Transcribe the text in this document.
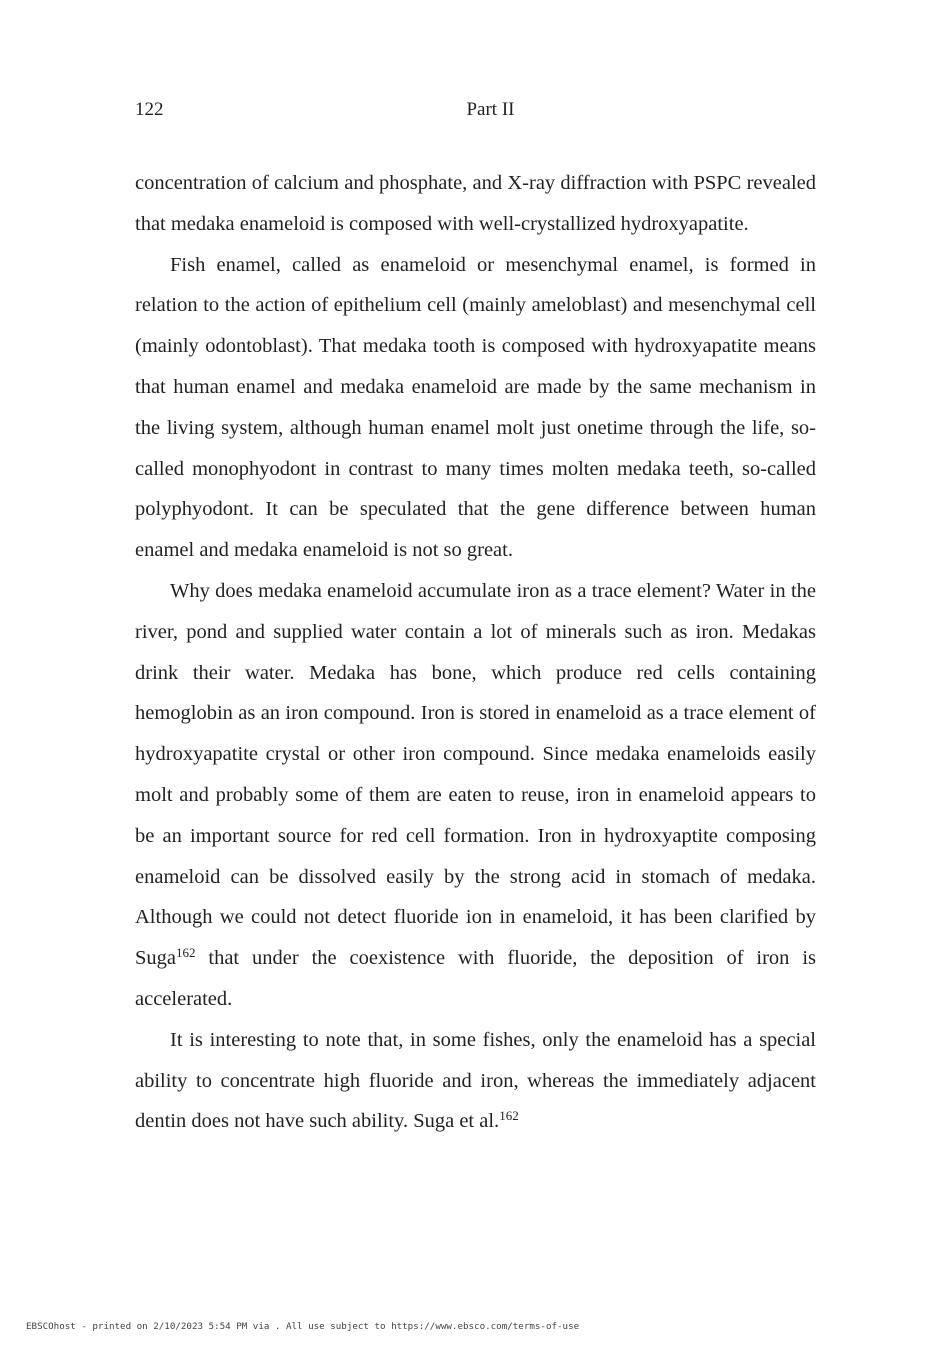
122	Part II

concentration of calcium and phosphate, and X-ray diffraction with PSPC revealed that medaka enameloid is composed with well-crystallized hydroxyapatite.

Fish enamel, called as enameloid or mesenchymal enamel, is formed in relation to the action of epithelium cell (mainly ameloblast) and mesenchymal cell (mainly odontoblast). That medaka tooth is composed with hydroxyapatite means that human enamel and medaka enameloid are made by the same mechanism in the living system, although human enamel molt just onetime through the life, so-called monophyodont in contrast to many times molten medaka teeth, so-called polyphyodont. It can be speculated that the gene difference between human enamel and medaka enameloid is not so great.

Why does medaka enameloid accumulate iron as a trace element? Water in the river, pond and supplied water contain a lot of minerals such as iron. Medakas drink their water. Medaka has bone, which produce red cells containing hemoglobin as an iron compound. Iron is stored in enameloid as a trace element of hydroxyapatite crystal or other iron compound. Since medaka enameloids easily molt and probably some of them are eaten to reuse, iron in enameloid appears to be an important source for red cell formation. Iron in hydroxyaptite composing enameloid can be dissolved easily by the strong acid in stomach of medaka. Although we could not detect fluoride ion in enameloid, it has been clarified by Suga$^{162}$ that under the coexistence with fluoride, the deposition of iron is accelerated.

It is interesting to note that, in some fishes, only the enameloid has a special ability to concentrate high fluoride and iron, whereas the immediately adjacent dentin does not have such ability. Suga et al.$^{162}$

EBSCOhost - printed on 2/10/2023 5:54 PM via . All use subject to https://www.ebsco.com/terms-of-use
